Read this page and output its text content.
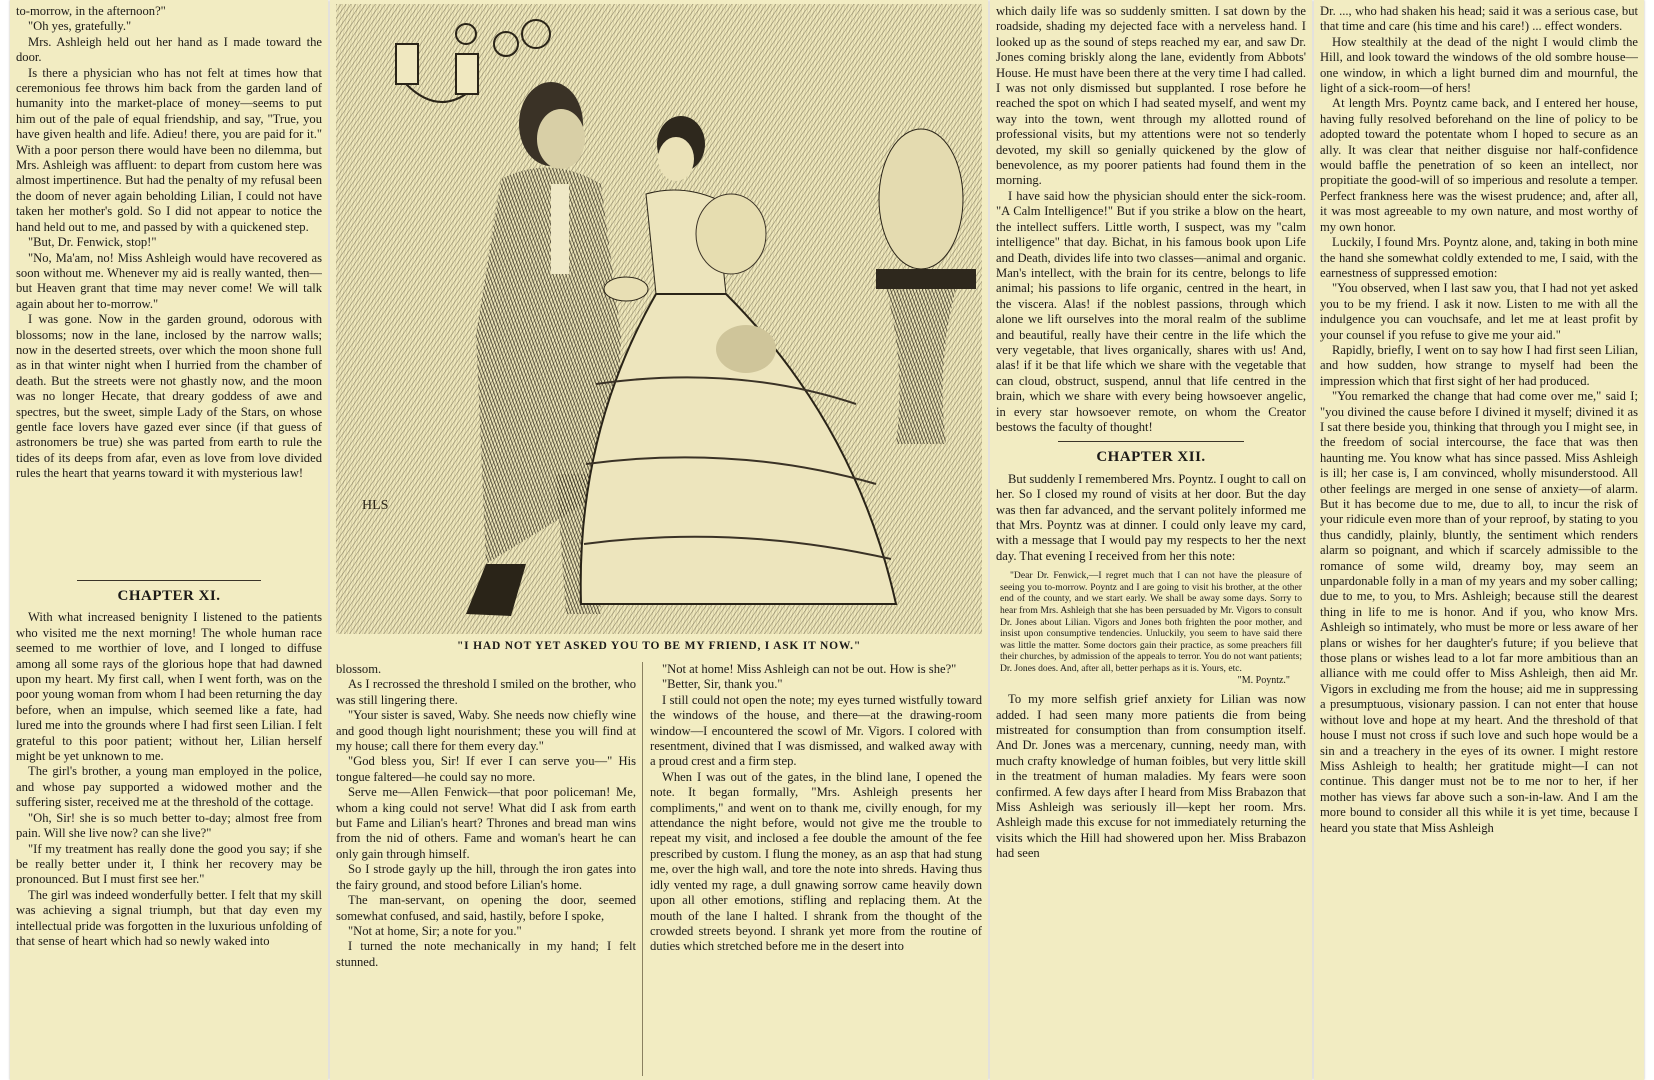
to-morrow, in the afternoon?"

"Oh yes, gratefully."

Mrs. Ashleigh held out her hand as I made toward the door.

Is there a physician who has not felt at times how that ceremonious fee throws him back from the garden land of humanity into the market-place of money—seems to put him out of the pale of equal friendship, and say, "True, you have given health and life. Adieu! there, you are paid for it." With a poor person there would have been no dilemma, but Mrs. Ashleigh was affluent: to depart from custom here was almost impertinence. But had the penalty of my refusal been the doom of never again beholding Lilian, I could not have taken her mother's gold. So I did not appear to notice the hand held out to me, and passed by with a quickened step.

"But, Dr. Fenwick, stop!"

"No, Ma'am, no! Miss Ashleigh would have recovered as soon without me. Whenever my aid is really wanted, then—but Heaven grant that time may never come! We will talk again about her to-morrow."

I was gone. Now in the garden ground, odorous with blossoms; now in the lane, inclosed by the narrow walls; now in the deserted streets, over which the moon shone full as in that winter night when I hurried from the chamber of death. But the streets were not ghastly now, and the moon was no longer Hecate, that dreary goddess of awe and spectres, but the sweet, simple Lady of the Stars, on whose gentle face lovers have gazed ever since (if that guess of astronomers be true) she was parted from earth to rule the tides of its deeps from afar, even as love from love divided rules the heart that yearns toward it with mysterious law!

CHAPTER XI.

With what increased benignity I listened to the patients who visited me the next morning! The whole human race seemed to me worthier of love, and I longed to diffuse among all some rays of the glorious hope that had dawned upon my heart. My first call, when I went forth, was on the poor young woman from whom I had been returning the day before, when an impulse, which seemed like a fate, had lured me into the grounds where I had first seen Lilian. I felt grateful to this poor patient; without her, Lilian herself might be yet unknown to me.

The girl's brother, a young man employed in the police, and whose pay supported a widowed mother and the suffering sister, received me at the threshold of the cottage.

"Oh, Sir! she is so much better to-day; almost free from pain. Will she live now? can she live?"

"If my treatment has really done the good you say; if she be really better under it, I think her recovery may be pronounced. But I must first see her."

The girl was indeed wonderfully better. I felt that my skill was achieving a signal triumph, but that day even my intellectual pride was forgotten in the luxurious unfolding of that sense of heart which had so newly waked into

HLS
"I HAD NOT YET ASKED YOU TO BE MY FRIEND, I ASK IT NOW."

blossom.

As I recrossed the threshold I smiled on the brother, who was still lingering there.

"Your sister is saved, Waby. She needs now chiefly wine and good though light nourishment; these you will find at my house; call there for them every day."

"God bless you, Sir! If ever I can serve you—" His tongue faltered—he could say no more.

Serve me—Allen Fenwick—that poor policeman! Me, whom a king could not serve! What did I ask from earth but Fame and Lilian's heart? Thrones and bread man wins from the nid of others. Fame and woman's heart he can only gain through himself.

So I strode gayly up the hill, through the iron gates into the fairy ground, and stood before Lilian's home.

The man-servant, on opening the door, seemed somewhat confused, and said, hastily, before I spoke,

"Not at home, Sir; a note for you."

I turned the note mechanically in my hand; I felt stunned.

"Not at home! Miss Ashleigh can not be out. How is she?"

"Better, Sir, thank you."

I still could not open the note; my eyes turned wistfully toward the windows of the house, and there—at the drawing-room window—I encountered the scowl of Mr. Vigors. I colored with resentment, divined that I was dismissed, and walked away with a proud crest and a firm step.

When I was out of the gates, in the blind lane, I opened the note. It began formally, "Mrs. Ashleigh presents her compliments," and went on to thank me, civilly enough, for my attendance the night before, would not give me the trouble to repeat my visit, and inclosed a fee double the amount of the fee prescribed by custom. I flung the money, as an asp that had stung me, over the high wall, and tore the note into shreds. Having thus idly vented my rage, a dull gnawing sorrow came heavily down upon all other emotions, stifling and replacing them. At the mouth of the lane I halted. I shrank from the thought of the crowded streets beyond. I shrank yet more from the routine of duties which stretched before me in the desert into

which daily life was so suddenly smitten. I sat down by the roadside, shading my dejected face with a nerveless hand. I looked up as the sound of steps reached my ear, and saw Dr. Jones coming briskly along the lane, evidently from Abbots' House. He must have been there at the very time I had called. I was not only dismissed but supplanted. I rose before he reached the spot on which I had seated myself, and went my way into the town, went through my allotted round of professional visits, but my attentions were not so tenderly devoted, my skill so genially quickened by the glow of benevolence, as my poorer patients had found them in the morning.

I have said how the physician should enter the sick-room. "A Calm Intelligence!" But if you strike a blow on the heart, the intellect suffers. Little worth, I suspect, was my "calm intelligence" that day. Bichat, in his famous book upon Life and Death, divides life into two classes—animal and organic. Man's intellect, with the brain for its centre, belongs to life animal; his passions to life organic, centred in the heart, in the viscera. Alas! if the noblest passions, through which alone we lift ourselves into the moral realm of the sublime and beautiful, really have their centre in the life which the very vegetable, that lives organically, shares with us! And, alas! if it be that life which we share with the vegetable that can cloud, obstruct, suspend, annul that life centred in the brain, which we share with every being howsoever angelic, in every star howsoever remote, on whom the Creator bestows the faculty of thought!

CHAPTER XII.

But suddenly I remembered Mrs. Poyntz. I ought to call on her. So I closed my round of visits at her door. But the day was then far advanced, and the servant politely informed me that Mrs. Poyntz was at dinner. I could only leave my card, with a message that I would pay my respects to her the next day. That evening I received from her this note:

"Dear Dr. Fenwick,—I regret much that I can not have the pleasure of seeing you to-morrow. Poyntz and I are going to visit his brother, at the other end of the county, and we start early. We shall be away some days. Sorry to hear from Mrs. Ashleigh that she has been persuaded by Mr. Vigors to consult Dr. Jones about Lilian. Vigors and Jones both frighten the poor mother, and insist upon consumptive tendencies. Unluckily, you seem to have said there was little the matter. Some doctors gain their practice, as some preachers fill their churches, by admission of the appeals to terror. You do not want patients; Dr. Jones does. And, after all, better perhaps as it is. Yours, etc.

"M. Poyntz."

To my more selfish grief anxiety for Lilian was now added. I had seen many more patients die from being mistreated for consumption than from consumption itself. And Dr. Jones was a mercenary, cunning, needy man, with much crafty knowledge of human foibles, but very little skill in the treatment of human maladies. My fears were soon confirmed. A few days after I heard from Miss Brabazon that Miss Ashleigh was seriously ill—kept her room. Mrs. Ashleigh made this excuse for not immediately returning the visits which the Hill had showered upon her. Miss Brabazon had seen

Dr. ..., who had shaken his head; said it was a serious case, but that time and care (his time and his care!) ... effect wonders.

How stealthily at the dead of the night I would climb the Hill, and look toward the windows of the old sombre house—one window, in which a light burned dim and mournful, the light of a sick-room—of hers!

At length Mrs. Poyntz came back, and I entered her house, having fully resolved beforehand on the line of policy to be adopted toward the potentate whom I hoped to secure as an ally. It was clear that neither disguise nor half-confidence would baffle the penetration of so keen an intellect, nor propitiate the good-will of so imperious and resolute a temper. Perfect frankness here was the wisest prudence; and, after all, it was most agreeable to my own nature, and most worthy of my own honor.

Luckily, I found Mrs. Poyntz alone, and, taking in both mine the hand she somewhat coldly extended to me, I said, with the earnestness of suppressed emotion:

"You observed, when I last saw you, that I had not yet asked you to be my friend. I ask it now. Listen to me with all the indulgence you can vouchsafe, and let me at least profit by your counsel if you refuse to give me your aid."

Rapidly, briefly, I went on to say how I had first seen Lilian, and how sudden, how strange to myself had been the impression which that first sight of her had produced.

"You remarked the change that had come over me," said I; "you divined the cause before I divined it myself; divined it as I sat there beside you, thinking that through you I might see, in the freedom of social intercourse, the face that was then haunting me. You know what has since passed. Miss Ashleigh is ill; her case is, I am convinced, wholly misunderstood. All other feelings are merged in one sense of anxiety—of alarm. But it has become due to me, due to all, to incur the risk of your ridicule even more than of your reproof, by stating to you thus candidly, plainly, bluntly, the sentiment which renders alarm so poignant, and which if scarcely admissible to the romance of some wild, dreamy boy, may seem an unpardonable folly in a man of my years and my sober calling; due to me, to you, to Mrs. Ashleigh; because still the dearest thing in life to me is honor. And if you, who know Mrs. Ashleigh so intimately, who must be more or less aware of her plans or wishes for her daughter's future; if you believe that those plans or wishes lead to a lot far more ambitious than an alliance with me could offer to Miss Ashleigh, then aid Mr. Vigors in excluding me from the house; aid me in suppressing a presumptuous, visionary passion. I can not enter that house without love and hope at my heart. And the threshold of that house I must not cross if such love and such hope would be a sin and a treachery in the eyes of its owner. I might restore Miss Ashleigh to health; her gratitude might—I can not continue. This danger must not be to me nor to her, if her mother has views far above such a son-in-law. And I am the more bound to consider all this while it is yet time, because I heard you state that Miss Ashleigh
